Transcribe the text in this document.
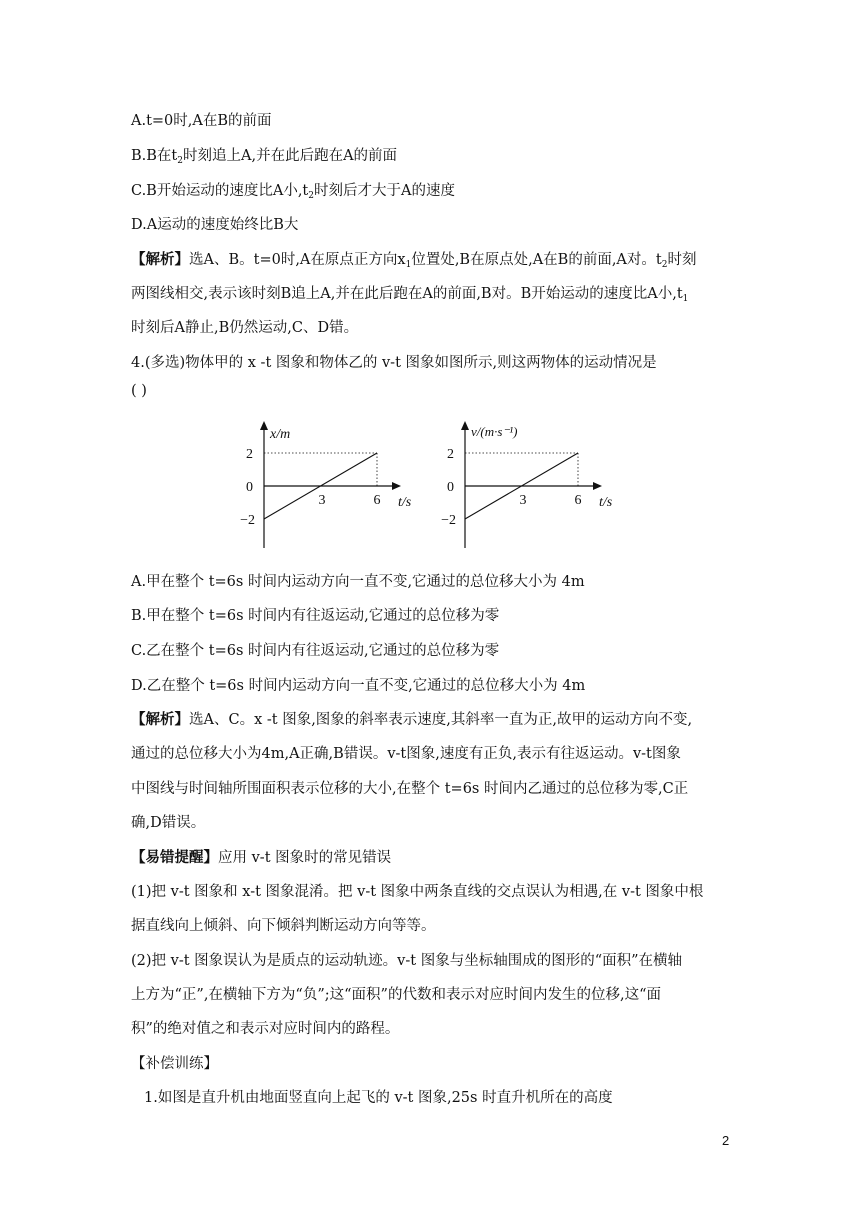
A.t=0时,A在B的前面
B.B在$t_2$时刻追上A,并在此后跑在A的前面
C.B开始运动的速度比A小$,t_2$时刻后才大于A的速度
D.A运动的速度始终比B大
【解析】选A、B。t=0时,A在原点正方向$x_1$位置处,B在原点处,A在B的前面,A对。$t_2$时刻
两图线相交,表示该时刻B追上A,并在此后跑在A的前面,B对。B开始运动的速度比A小$,t_1$
时刻后A静止,B仍然运动,C、D错。
4.(多选)物体甲的 x -t 图象和物体乙的 v-t 图象如图所示,则这两物体的运动情况是
( )
x/m
2
0
−2
3	6 t/s
v/(m·s⁻¹)
2
0
−2
3	6 t/s
A.甲在整个 t=6s 时间内运动方向一直不变,它通过的总位移大小为 4m
B.甲在整个 t=6s 时间内有往返运动,它通过的总位移为零
C.乙在整个 t=6s 时间内有往返运动,它通过的总位移为零
D.乙在整个 t=6s 时间内运动方向一直不变,它通过的总位移大小为 4m
【解析】选A、C。x -t 图象,图象的斜率表示速度,其斜率一直为正,故甲的运动方向不变,
通过的总位移大小为4m,A正确,B错误。v-t图象,速度有正负,表示有往返运动。v-t图象
中图线与时间轴所围面积表示位移的大小,在整个 t=6s 时间内乙通过的总位移为零,C正
确,D错误。
【易错提醒】应用 v-t 图象时的常见错误
(1)把 v-t 图象和 x-t 图象混淆。把 v-t 图象中两条直线的交点误认为相遇,在 v-t 图象中根
据直线向上倾斜、向下倾斜判断运动方向等等。
(2)把 v-t 图象误认为是质点的运动轨迹。v-t 图象与坐标轴围成的图形的“面积”在横轴
上方为“正”,在横轴下方为“负”;这“面积”的代数和表示对应时间内发生的位移,这“面
积”的绝对值之和表示对应时间内的路程。
【补偿训练】
1.如图是直升机由地面竖直向上起飞的 v-t 图象,25s 时直升机所在的高度
2
